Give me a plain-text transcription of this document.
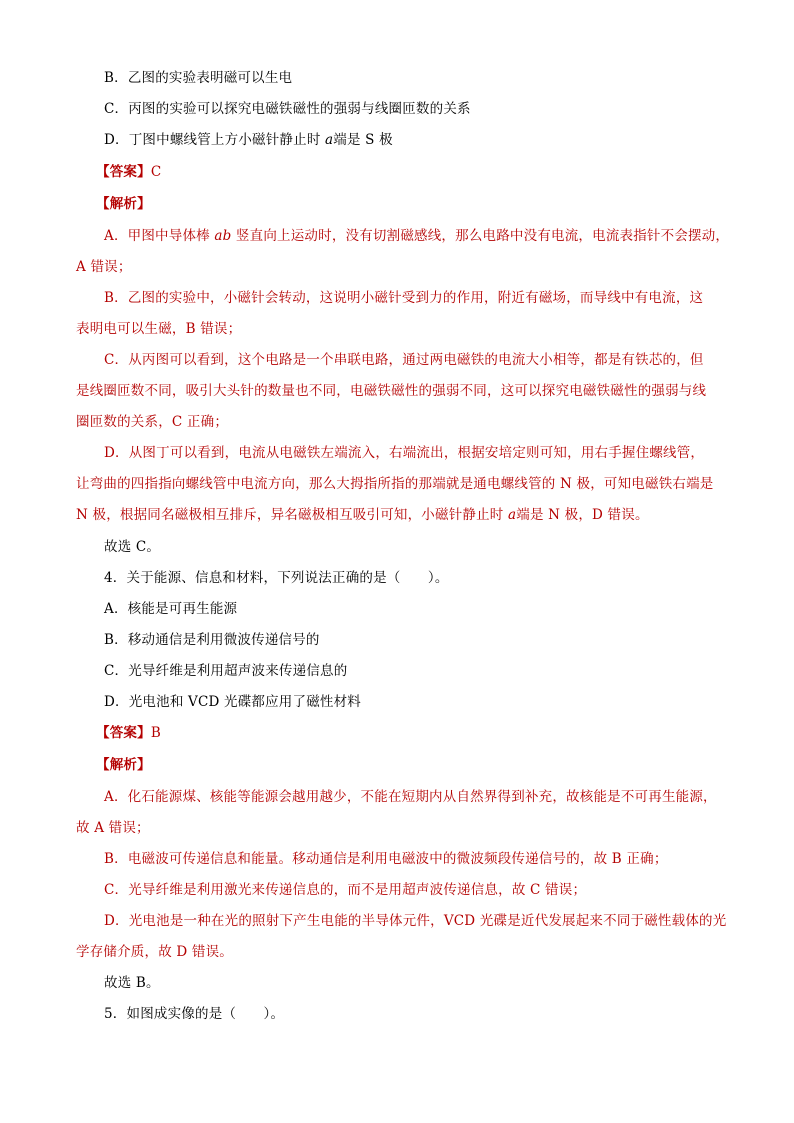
B．乙图的实验表明磁可以生电
C．丙图的实验可以探究电磁铁磁性的强弱与线圈匝数的关系
D．丁图中螺线管上方小磁针静止时 a端是 S 极
【答案】C
【解析】
A．甲图中导体棒 ab 竖直向上运动时，没有切割磁感线，那么电路中没有电流，电流表指针不会摆动，
A 错误；
B．乙图的实验中，小磁针会转动，这说明小磁针受到力的作用，附近有磁场，而导线中有电流，这
表明电可以生磁，B 错误；
C．从丙图可以看到，这个电路是一个串联电路，通过两电磁铁的电流大小相等，都是有铁芯的，但
是线圈匝数不同，吸引大头针的数量也不同，电磁铁磁性的强弱不同，这可以探究电磁铁磁性的强弱与线
圈匝数的关系，C 正确；
D．从图丁可以看到，电流从电磁铁左端流入，右端流出，根据安培定则可知，用右手握住螺线管，
让弯曲的四指指向螺线管中电流方向，那么大拇指所指的那端就是通电螺线管的 N 极，可知电磁铁右端是
N 极，根据同名磁极相互排斥，异名磁极相互吸引可知，小磁针静止时 a端是 N 极，D 错误。
故选 C。
4．关于能源、信息和材料，下列说法正确的是（　　）。
A．核能是可再生能源
B．移动通信是利用微波传递信号的
C．光导纤维是利用超声波来传递信息的
D．光电池和 VCD 光碟都应用了磁性材料
【答案】B
【解析】
A．化石能源煤、核能等能源会越用越少，不能在短期内从自然界得到补充，故核能是不可再生能源，
故 A 错误；
B．电磁波可传递信息和能量。移动通信是利用电磁波中的微波频段传递信号的，故 B 正确；
C．光导纤维是利用激光来传递信息的，而不是用超声波传递信息，故 C 错误；
D．光电池是一种在光的照射下产生电能的半导体元件，VCD 光碟是近代发展起来不同于磁性载体的光
学存储介质，故 D 错误。
故选 B。
5．如图成实像的是（　　）。
